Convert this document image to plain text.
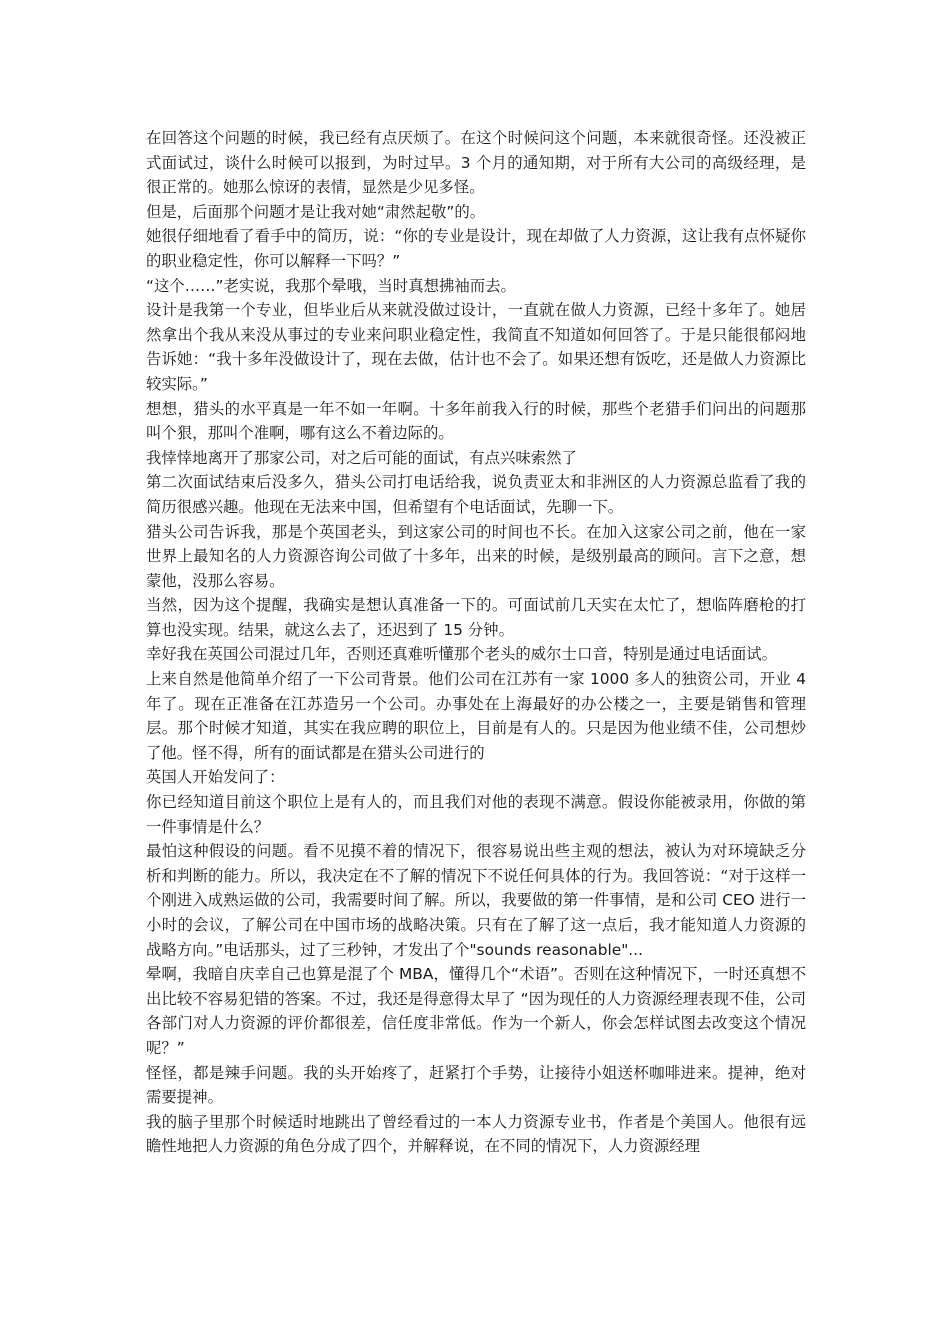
在回答这个问题的时候，我已经有点厌烦了。在这个时候问这个问题，本来就很奇怪。还没被正式面试过，谈什么时候可以报到，为时过早。3 个月的通知期，对于所有大公司的高级经理，是很正常的。她那么惊讶的表情，显然是少见多怪。

但是，后面那个问题才是让我对她“肃然起敬”的。

她很仔细地看了看手中的简历，说：“你的专业是设计，现在却做了人力资源，这让我有点怀疑你的职业稳定性，你可以解释一下吗？”

“这个……”老实说，我那个晕哦，当时真想拂袖而去。

设计是我第一个专业，但毕业后从来就没做过设计，一直就在做人力资源，已经十多年了。她居然拿出个我从来没从事过的专业来问职业稳定性，我简直不知道如何回答了。于是只能很郁闷地告诉她：“我十多年没做设计了，现在去做，估计也不会了。如果还想有饭吃，还是做人力资源比较实际。”

想想，猎头的水平真是一年不如一年啊。十多年前我入行的时候，那些个老猎手们问出的问题那叫个狠，那叫个准啊，哪有这么不着边际的。

我悻悻地离开了那家公司，对之后可能的面试，有点兴味索然了

第二次面试结束后没多久，猎头公司打电话给我，说负责亚太和非洲区的人力资源总监看了我的简历很感兴趣。他现在无法来中国，但希望有个电话面试，先聊一下。

猎头公司告诉我，那是个英国老头，到这家公司的时间也不长。在加入这家公司之前，他在一家世界上最知名的人力资源咨询公司做了十多年，出来的时候，是级别最高的顾问。言下之意，想蒙他，没那么容易。

当然，因为这个提醒，我确实是想认真准备一下的。可面试前几天实在太忙了，想临阵磨枪的打算也没实现。结果，就这么去了，还迟到了 15 分钟。

幸好我在英国公司混过几年，否则还真难听懂那个老头的威尔士口音，特别是通过电话面试。

上来自然是他简单介绍了一下公司背景。他们公司在江苏有一家 1000 多人的独资公司，开业 4 年了。现在正准备在江苏造另一个公司。办事处在上海最好的办公楼之一，主要是销售和管理层。那个时候才知道，其实在我应聘的职位上，目前是有人的。只是因为他业绩不佳，公司想炒了他。怪不得，所有的面试都是在猎头公司进行的

英国人开始发问了：

你已经知道目前这个职位上是有人的，而且我们对他的表现不满意。假设你能被录用，你做的第一件事情是什么？

最怕这种假设的问题。看不见摸不着的情况下，很容易说出些主观的想法，被认为对环境缺乏分析和判断的能力。所以，我决定在不了解的情况下不说任何具体的行为。我回答说：“对于这样一个刚进入成熟运做的公司，我需要时间了解。所以，我要做的第一件事情，是和公司 CEO 进行一小时的会议，了解公司在中国市场的战略决策。只有在了解了这一点后，我才能知道人力资源的战略方向。”电话那头，过了三秒钟，才发出了个"sounds reasonable"...

晕啊，我暗自庆幸自己也算是混了个 MBA，懂得几个“术语”。否则在这种情况下，一时还真想不出比较不容易犯错的答案。不过，我还是得意得太早了 “因为现任的人力资源经理表现不佳，公司各部门对人力资源的评价都很差，信任度非常低。作为一个新人，你会怎样试图去改变这个情况呢？”

怪怪，都是辣手问题。我的头开始疼了，赶紧打个手势，让接待小姐送杯咖啡进来。提神，绝对需要提神。

我的脑子里那个时候适时地跳出了曾经看过的一本人力资源专业书，作者是个美国人。他很有远瞻性地把人力资源的角色分成了四个，并解释说，在不同的情况下，人力资源经理
